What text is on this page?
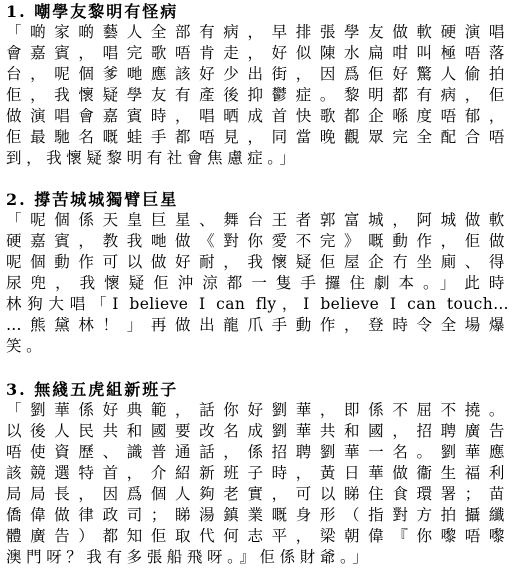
1. 嘲學友黎明有怪病
「啲家啲藝人全部有病，早排張學友做軟硬演唱
會嘉賓，唱完歌唔肯走，好似陳水扁咁叫極唔落
台，呢個爹哋應該好少出街，因爲佢好驚人偷拍
佢，我懷疑學友有產後抑鬱症。黎明都有病，佢
做演唱會嘉賓時，唱晒成首快歌都企喺度唔郁，
佢最馳名嘅蛙手都唔見，同當晚觀眾完全配合唔
到，我懷疑黎明有社會焦慮症。」
2. 撐苦城城獨臂巨星
「呢個係天皇巨星、舞台王者郭富城，阿城做軟
硬嘉賓，教我哋做《對你愛不完》嘅動作，佢做
呢個動作可以做好耐，我懷疑佢屋企冇坐廁、得
尿兜，我懷疑佢沖涼都一隻手攞住劇本。」此時
林狗大唱「I believe I can fly，I believe I can touch…
…熊黛林！」再做出龍爪手動作，登時令全場爆
笑。
3. 無綫五虎組新班子
「劉華係好典範，話你好劉華，即係不屈不撓。
以後人民共和國要改名成劉華共和國，招聘廣告
唔使資歷、識普通話，係招聘劉華一名。劉華應
該競選特首，介紹新班子時，黃日華做衞生福利
局局長，因爲個人夠老實，可以睇住食環署；苗
僑偉做律政司；睇湯鎮業嘅身形（指對方拍攝纖
體廣告）都知佢取代何志平，梁朝偉『你嚟唔嚟
澳門呀？我有多張船飛呀。』佢係財爺。」
